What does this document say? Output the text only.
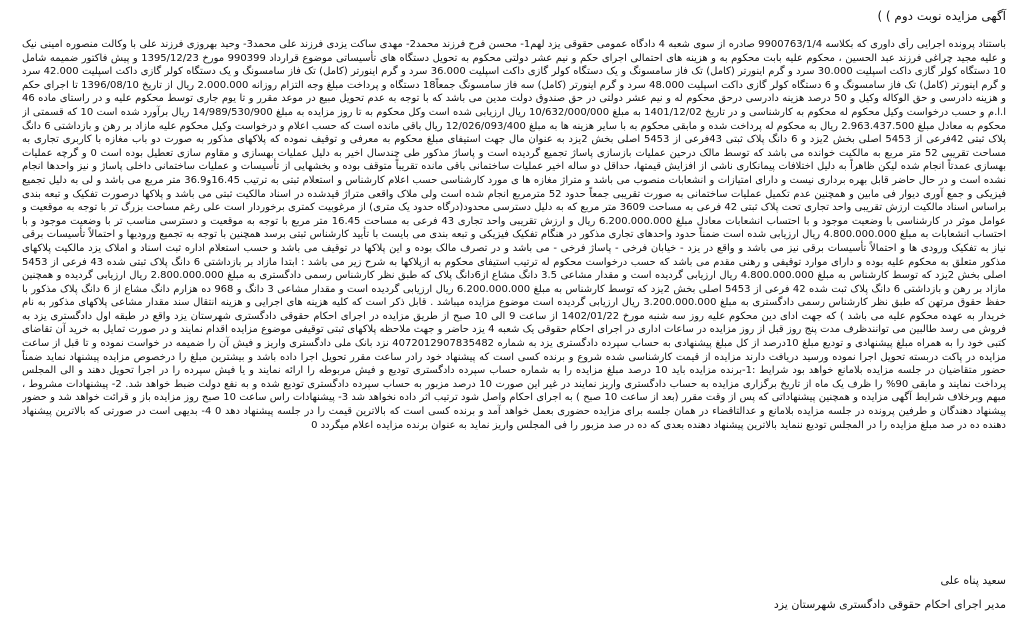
آگهی مزایده نوبت دوم ) )

باستناد پرونده اجرایی رأی داوری که بکلاسه 9900763/1/4 صادره از سوی شعبه 4 دادگاه عمومی حقوقی یزد لهم1- محسن فرح فرزند محمد2- مهدی ساکت یزدی فرزند علی محمد3- وحید بهروزی فرزند علی با وکالت منصوره امینی نیک و علیه مجید چراغی فرزند عبد الحسین ، محکوم علیه بابت محکوم به و هزینه های احتمالی اجرای حکم و نیم عشر دولتی محکوم به تحویل دستگاه های تأسیساتی موضوع قرارداد 990399 مورخ 1395/12/23 و پیش فاکتور ضمیمه شامل 10 دستگاه کولر گازی داکت اسپلیت 30.000 سرد و گرم اینورتر (کامل) تک فاز سامسونگ و یک دستگاه کولر گازی داکت اسپلیت 36.000 سرد و گرم اینورتر (کامل) تک فاز سامسونگ و یک دستگاه کولر گازی داکت اسپلیت 42.000 سرد و گرم اینورتر (کامل) تک فاز سامسونگ و 6 دستگاه کولر گازی داکت اسپلیت 48.000 سرد و گرم اینورتر (کامل) سه فاز سامسونگ جمعاً18 دستگاه و پرداخت مبلغ وجه التزام روزانه 2.000.000 ریال از تاریخ 1396/08/10 تا اجرای حکم و هزینه دادرسی و حق الوکاله وکیل و 50 درصد هزینه دادرسی درحق محکوم له و نیم عشر دولتی در حق صندوق دولت مدین می باشد که با توجه به عدم تحویل مبیع در موعد مقرر و تا یوم جاری توسط محکوم علیه و در راستای ماده 46 ا.ا.م و حسب درخواست وکیل محکوم له محکوم به کارشناسی و در تاریخ 1401/12/02 به مبلغ 10/632/000/000 ریال ارزیابی شده است وکل محکوم به تا روز مزایده به مبلغ 14/989/530/900 ریال برآورد شده است 10 که قسمتی از محکوم به معادل مبلغ 2.963.437.500 ریال به محکوم له پرداخت شده و مابقی محکوم به با سایر هزینه ها به مبلغ 12/026/093/400 ریال باقی مانده است که حسب اعلام و درخواست وکیل محکوم علیه مازاد بر رهن و بازداشتی 6 دانگ پلاک ثبتی 42فرعی از 5453 اصلی بخش 2یزد و 6 دانگ پلاک ثبتی 43فرعی از 5453 اصلی بخش 2یزد به عنوان مال جهت استیفای مبلغ محکوم به معرفی و توقیف نموده که پلاکهای مذکور به صورت دو باب مغازه با کاربری تجاری به مساحت تقریبی 52 متر مربع به مالکیت خوانده می باشد که توسط مالک درحین عملیات بازسازی پاساژ تجمیع گردیده است و پاساژ مذکور طی چندسال اخیر به دلیل عملیات بهسازی و مقاوم سازی تعطیل بوده است 0 و گرچه عملیات بهسازی عمدتاً انجام شده لیکن ظاهراً به دلیل اختلافات پیمانکاری ناشی از افزایش قیمتها، حداقل دو ساله اخیر عملیات ساختمانی باقی مانده تقریباً متوقف بوده و بخشهایی از تأسیسات و عملیات ساختمانی داخلی پاساژ و نیز واحدها انجام نشده است و در حال حاضر قابل بهره برداری نیست و دارای امتیازات و انشعابات منصوب می باشد و متراژ مغازه ها ی مورد کارشناسی حسب اعلام کارشناس و استعلام ثبتی به ترتیب 16.45و36.9 متر مربع می باشد و لی به دلیل تجمیع فیزیکی و جمع آوری دیوار فی مابین و همچنین عدم تکمیل عملیات ساختمانی به صورت تقریبی جمعاً حدود 52 مترمربع انجام شده است ولی ملاک واقعی متراژ قیدشده در اسناد مالکیت ثبتی می باشد و پلاکها درصورت تفکیک و تبعه بندی براساس اسناد مالکیت ارزش تقریبی واحد تجاری تحت پلاک ثبتی 42 فرعی به مساحت 3609 متر مربع که به دلیل دسترسی محدود(درگاه حدود یک متری) از مرغوبیت کمتری برخوردار است علی رغم مساحت بزرگ تر با توجه به موقعیت و عوامل موثر در کارشناسی با وضعیت موجود و با احتساب انشعابات معادل مبلغ 6.200.000.000 ریال و ارزش تقریبی واحد تجاری 43 فرعی به مساحت 16.45 متر مربع با توجه به موقعیت و دسترسی مناسب تر با وضعیت موجود و با احتساب انشعابات به مبلغ 4.800.000.000 ریال ارزیابی شده است ضمناً حدود واحدهای تجاری مذکور در هنگام تفکیک فیزیکی و تبعه بندی می بایست با تأیید کارشناس ثبتی برسد همچنین با توجه به تجمیع ورودیها و احتمالاً تأسیسات برقی نیاز به تفکیک ورودی ها و احتمالاً تأسیسات برقی نیز می باشد و واقع در یزد - خیابان فرخی - پاساژ فرخی - می باشد و در تصرف مالک بوده و این پلاکها در توقیف می باشد و حسب استعلام اداره ثبت اسناد و املاک یزد مالکیت پلاکهای مذکور متعلق به محکوم علیه بوده و دارای موارد توقیفی و رهنی مقدم می باشد که حسب درخواست محکوم له ترتیب استیفای محکوم به ازپلاکها به شرح زیر می باشد : ابتدا مازاد بر بازداشتی 6 دانگ پلاک ثبتی شده 43 فرعی از 5453 اصلی بخش 2یزد که توسط کارشناس به مبلغ 4.800.000.000 ریال ارزیابی گردیده است و مقدار مشاعی 3.5 دانگ مشاع از6دانگ پلاک که طبق نظر کارشناس رسمی دادگستری به مبلغ 2.800.000.000 ریال ارزیابی گردیده و همچنین مازاد بر رهن و بازداشتی 6 دانگ پلاک ثبت شده 42 فرعی از 5453 اصلی بخش 2یزد که توسط کارشناس به مبلغ 6.200.000.000 ریال ارزیابی گردیده است و مقدار مشاعی 3 دانگ و 968 ده هزارم دانگ مشاع از 6 دانگ پلاک مذکور با حفظ حقوق مرتهن که طبق نظر کارشناس رسمی دادگستری به مبلغ 3.200.000.000 ریال ارزیابی گردیده است موضوع مزایده میباشد . قابل ذکر است که کلیه هزینه های اجرایی و هزینه انتقال سند مقدار مشاعی پلاکهای مذکور به نام خریدار به عهده محکوم علیه می باشد ) که جهت ادای دین محکوم علیه روز سه شنبه مورخ 1402/01/22 از ساعت 9 الی 10 صبح از طریق مزایده در اجرای احکام حقوقی دادگستری شهرستان یزد واقع در طبقه اول دادگستری یزد به فروش می رسد طالبین می توانندظرف مدت پنج روز قبل از روز مزایده در ساعات اداری در اجرای احکام حقوقی یک شعبه 4 یزد حاضر و جهت ملاحظه پلاکهای ثبتی توقیفی موضوع مزایده اقدام نمایند و در صورت تمایل به خرید آن تقاضای کتبی خود را به همراه مبلغ پیشنهادی و تودیع مبلغ 10درصد از کل مبلغ پیشنهادی به حساب سپرده دادگستری یزد به شماره 4072012907835482 نزد بانک ملی دادگستری واریز و فیش آن را ضمیمه در خواست نموده و تا قبل از ساعت مزایده در پاکت دربسته تحویل اجرا نموده ورسید دریافت دارند مزایده از قیمت کارشناسی شده شروع و برنده کسی است که پیشنهاد خود رادر ساعت مقرر تحویل اجرا داده باشد و بیشترین مبلغ را درخصوص مزایده پیشنهاد نماید ضمناً حضور متقاضیان در جلسه مزایده بلامانع خواهد بود شرایط :1-برنده مزایده باید 10 درصد مبلغ مزایده را به شماره حساب سپرده دادگستری تودیع و فیش مربوطه را ارائه نمایند و یا فیش سپرده را در اجرا تحویل دهند و الی المجلس پرداخت نمایند و مابقی 90% را ظرف یک ماه از تاریخ برگزاری مزایده به حساب دادگستری واریز نمایند در غیر این صورت 10 درصد مزبور به حساب سپرده دادگستری تودیع شده و به نفع دولت ضبط خواهد شد. 2- پیشنهادات مشروط ، مبهم وبرخلاف شرایط آگهی مزایده و همچنین پیشنهاداتی که پس از وقت مقرر (بعد از ساعت 10 صبح ) به اجرای احکام واصل شود ترتیب اثر داده نخواهد شد 3- پیشنهادات راس ساعت 10 صبح روز مزایده باز و قرائت خواهد شد و حضور پیشنهاد دهندگان و طرفین پرونده در جلسه مزایده بلامانع و عدالتاقضاء در همان جلسه برای مزایده حضوری بعمل خواهد آمد و برنده کسی است که بالاترین قیمت را در جلسه پیشنهاد دهد 0 4- بدیهی است در صورتی که بالاترین پیشنهاد دهنده ده در صد مبلغ مزایده را در المجلس تودیع ننماید بالاترین پیشنهاد دهنده بعدی که ده در صد مزبور را فی المجلس واریز نماید به عنوان برنده مزایده اعلام میگردد 0

سعید پناه علی
مدیر اجرای احکام حقوقی دادگستری شهرستان یزد
